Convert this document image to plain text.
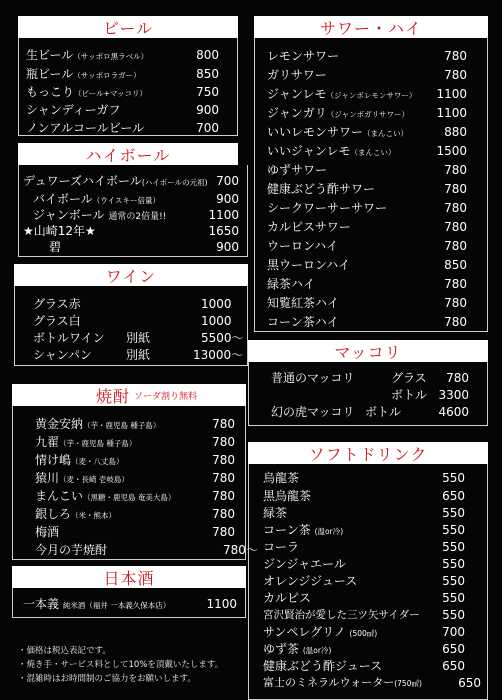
ビール
生ビール（サッポロ黒ラベル）	800
瓶ビール（サッポロラガー）	850
もっこり（ビール+マッコリ）	750
シャンディーガフ	900
ノンアルコールビール	700
ハイボール
デュワーズハイボール(ハイボールの元祖) 700
バイボール（ウイスキー倍量）	900
ジャンボール 通常の2倍量!!	1100
★山崎12年★	1650
碧	900
ワイン
グラス赤	1000
グラス白	1000
ボトルワイン 別紙	5500〜
シャンパン	別紙	13000〜
焼酎 ソーダ割り無料
黄金安納（芋・鹿児島 種子島）	780
九翟（芋・鹿児島 種子島）	780
情け嶋（麦・八丈島）	780
猿川（麦・長崎 壱岐島）	780
まんこい（黒糖・鹿児島 奄美大島）	780
銀しろ（米・熊本）	780
梅酒	780
今月の芋焼酎	780〜
日本酒
一本義 純米酒（福井 一本義久保本店）	1100
・価格は税込表記です。
・焼き手・サービス料として10%を頂戴いたします。
・混雑時はお時間制のご協力をお願いします。
サワー・ハイ
レモンサワー	780
ガリサワー	780
ジャンレモ（ジャンボレモンサワー） 1100
ジャンガリ（ジャンボガリサワー） 1100
いいレモンサワー（まんこい）	880
いいジャンレモ（まんこい）	1500
ゆずサワー	780
健康ぶどう酢サワー	780
シークワーサーサワー	780
カルピスサワー	780
ウーロンハイ	780
黒ウーロンハイ	850
緑茶ハイ	780
知覧紅茶ハイ	780
コーン茶ハイ	780
マッコリ
普通のマッコリ	グラス 780
ボトル 3300
幻の虎マッコリ ボトル	4600
ソフトドリンク
烏龍茶	550
黒烏龍茶	650
緑茶	550
コーン茶 (温or冷)	550
コーラ	550
ジンジャエール	550
オレンジジュース	550
カルピス	550
宮沢賢治が愛した三ツ矢サイダー 550
サンペレグリノ (500㎖)	700
ゆず茶 (温or冷)	650
健康ぶどう酢ジュース	650
富士のミネラルウォーター(750㎖)	650
